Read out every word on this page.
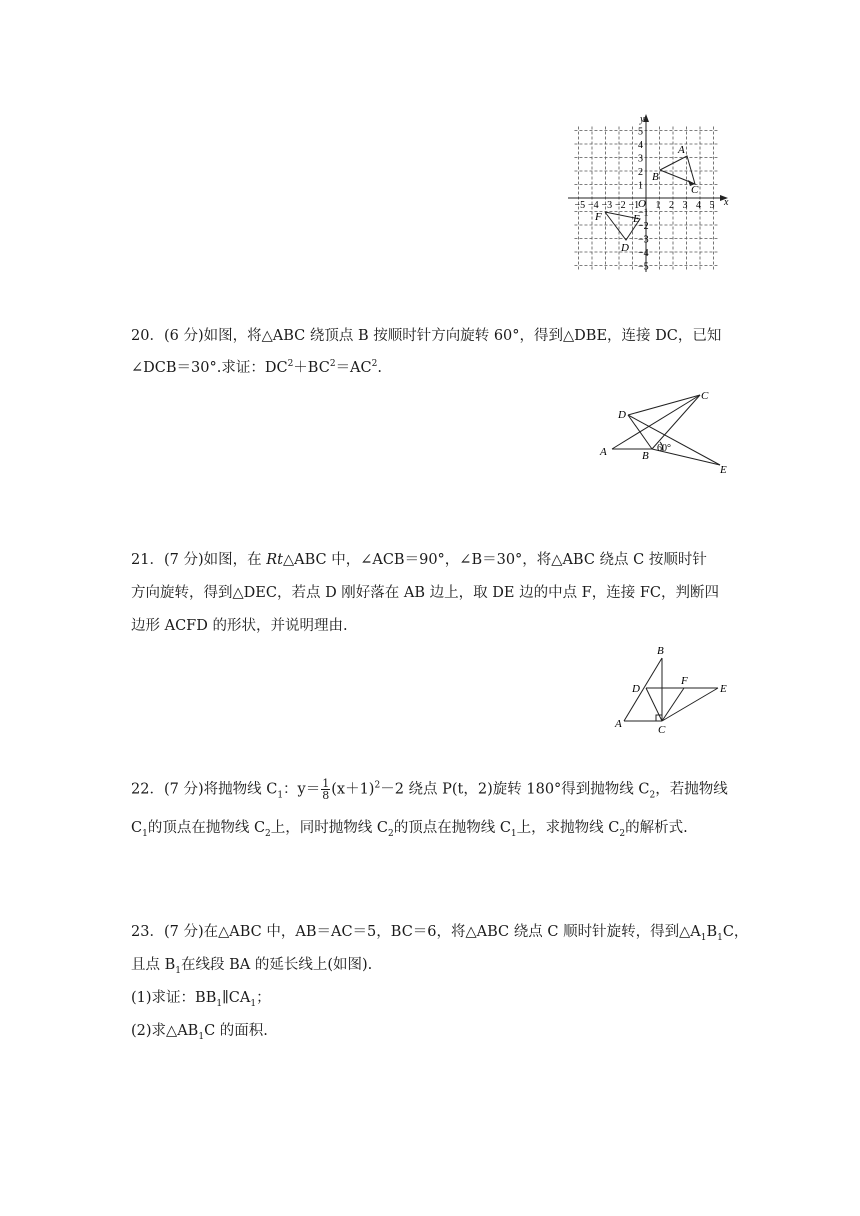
x
y
O
−5 −4 −3 −2 −1 1 2 3 4 5
5
4
3
2
1
−1
−2
−3
−4
−5
A
B
C
F
D
E
20．(6 分)如图，将△ABC 绕顶点 B 按顺时针方向旋转 60°，得到△DBE，连接 DC，已知
∠DCB＝30°.求证：$DC^2+BC^2=AC^2$.
A	B
C
D
E
60°
21．(7 分)如图，在 Rt△ABC 中，∠ACB＝90°，∠B＝30°，将△ABC 绕点 C 按顺时针
方向旋转，得到△DEC，若点 D 刚好落在 AB 边上，取 DE 边的中点 F，连接 FC，判断四
边形 ACFD 的形状，并说明理由.
B
D
F
E
A	C
22．(7 分)将抛物线 $C_1$：$y= \frac{1}{8} (x+1)^2-2$ 绕点 P(t，2)旋转 180°得到抛物线 $C_2$，若抛物线
$C_1$的顶点在抛物线 $C_2$上，同时抛物线 $C_2$的顶点在抛物线 $C_1$上，求抛物线 $C_2$的解析式.
23．(7 分)在△ABC 中，AB＝AC＝5，BC＝6，将△ABC 绕点 C 顺时针旋转，得到$\triangle A_1B_1C$，
且点 $B_1$在线段 BA 的延长线上(如图).
(1)求证：$BB_1\parallel CA_1$；
(2)求$\triangle AB_1C$ 的面积.
